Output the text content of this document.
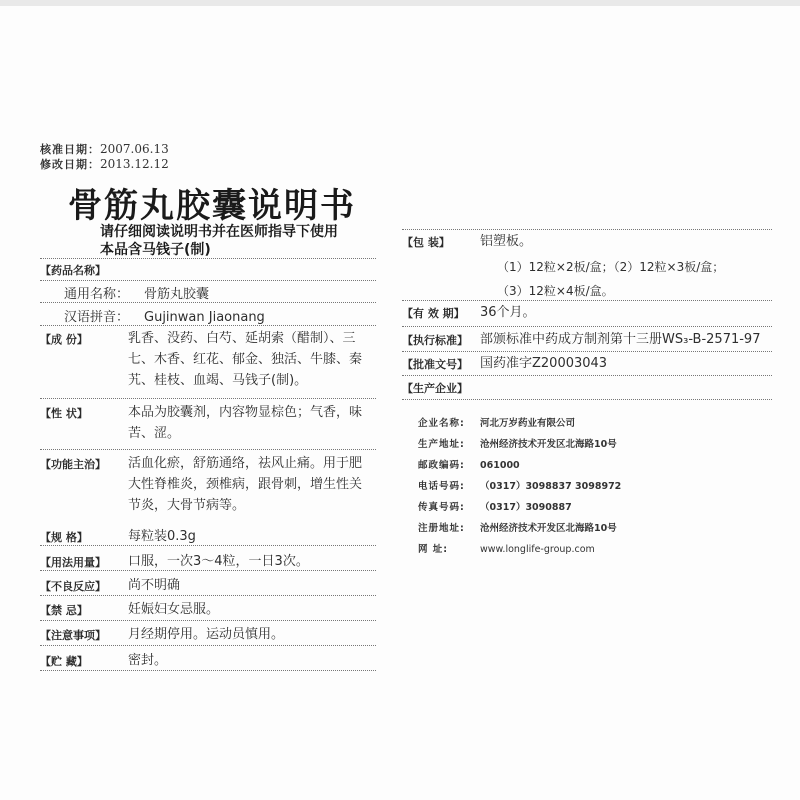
核准日期：2007.06.13
修改日期：2013.12.12
骨筋丸胶囊说明书
请仔细阅读说明书并在医师指导下使用
本品含马钱子(制)
【药品名称】
通用名称： 骨筋丸胶囊
汉语拼音： Gujinwan Jiaonang
【成 份】	乳香、没药、白芍、延胡索（醋制）、三七、木香、红花、郁金、独活、牛膝、秦艽、桂枝、血竭、马钱子(制)。
【性 状】	本品为胶囊剂，内容物显棕色；气香，味苦、涩。
【功能主治】	活血化瘀，舒筋通络，祛风止痛。用于肥大性脊椎炎，颈椎病，跟骨刺，增生性关节炎，大骨节病等。
【规 格】	每粒装0.3g
【用法用量】	口服，一次3～4粒，一日3次。
【不良反应】	尚不明确
【禁 忌】	妊娠妇女忌服。
【注意事项】	月经期停用。运动员慎用。
【贮 藏】	密封。
【包 装】	铝塑板。
（1）12粒×2板/盒；（2）12粒×3板/盒；
（3）12粒×4板/盒。
【有 效 期】	36个月。
【执行标准】 部颁标准中药成方制剂第十三册WS₃-B-2571-97
【批准文号】 国药准字Z20003043
【生产企业】
企业名称: 河北万岁药业有限公司
生产地址: 沧州经济技术开发区北海路10号
邮政编码: 061000
电话号码: （0317）3098837 3098972
传真号码: （0317）3090887
注册地址: 沧州经济技术开发区北海路10号
网 址:	www.longlife-group.com
